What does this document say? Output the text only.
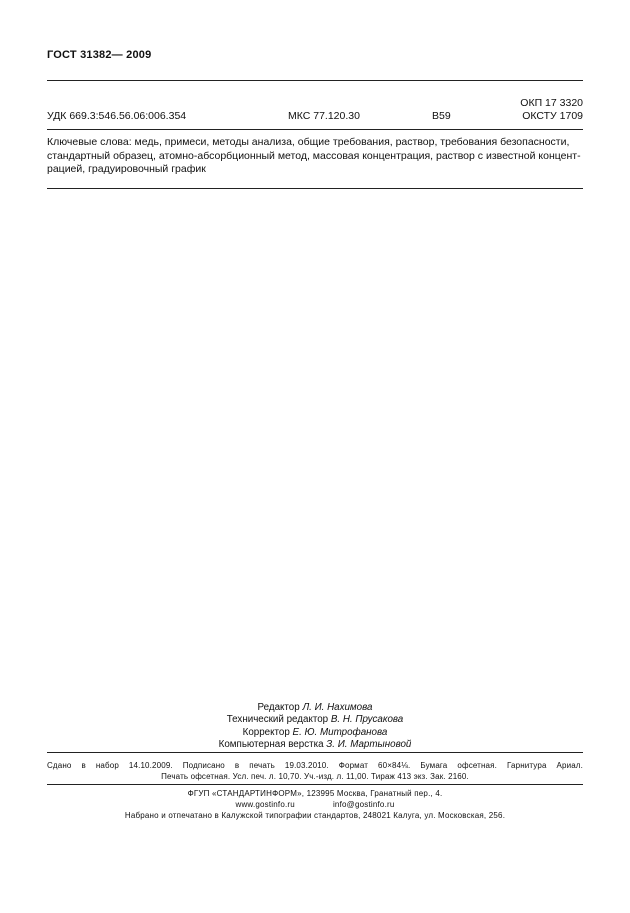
ГОСТ 31382— 2009
ОКП 17 3320
УДК 669.3:546.56.06:006.354	МКС 77.120.30	В59	ОКСТУ 1709
Ключевые слова: медь, примеси, методы анализа, общие требования, раствор, требования безопасности,
стандартный образец, атомно-абсорбционный метод, массовая концентрация, раствор с известной концент-
рацией, градуировочный график
Редактор Л. И. Нахимова
Технический редактор В. Н. Прусакова
Корректор Е. Ю. Митрофанова
Компьютерная верстка З. И. Мартыновой
Сдано в набор 14.10.2009. Подписано в печать 19.03.2010. Формат 60×84⅛. Бумага офсетная. Гарнитура Ариал.
Печать офсетная. Усл. печ. л. 10,70. Уч.-изд. л. 11,00. Тираж 413 экз. Зак. 2160.
ФГУП «СТАНДАРТИНФОРМ», 123995 Москва, Гранатный пер., 4.
www.gostinfo.ru	info@gostinfo.ru
Набрано и отпечатано в Калужской типографии стандартов, 248021 Калуга, ул. Московская, 256.
